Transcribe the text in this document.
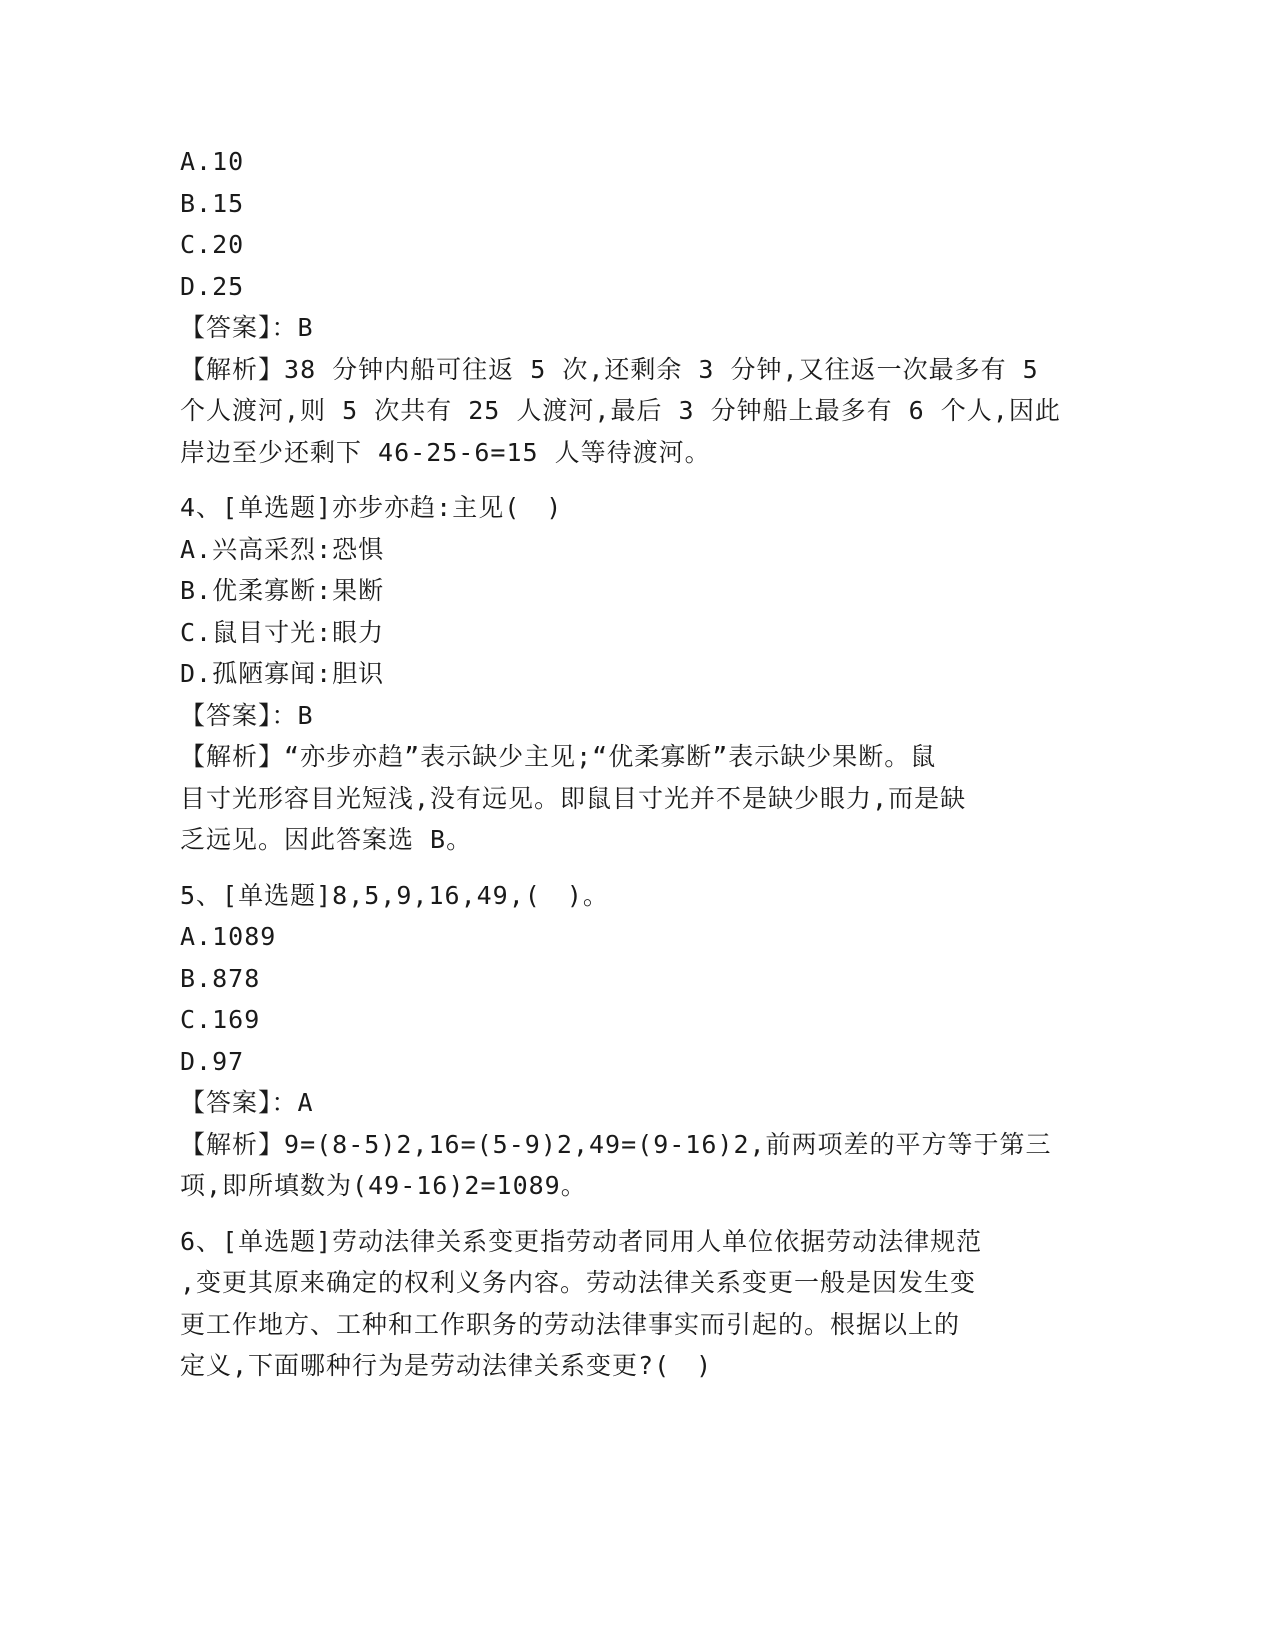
A.10
B.15
C.20
D.25
【答案】：B
【解析】38 分钟内船可往返 5 次,还剩余 3 分钟,又往返一次最多有 5
个人渡河,则 5 次共有 25 人渡河,最后 3 分钟船上最多有 6 个人,因此
岸边至少还剩下 46-25-6=15 人等待渡河。
4、[单选题]亦步亦趋:主见(　)
A.兴高采烈:恐惧
B.优柔寡断:果断
C.鼠目寸光:眼力
D.孤陋寡闻:胆识
【答案】：B
【解析】“亦步亦趋”表示缺少主见;“优柔寡断”表示缺少果断。鼠
目寸光形容目光短浅,没有远见。即鼠目寸光并不是缺少眼力,而是缺
乏远见。因此答案选 B。
5、[单选题]8,5,9,16,49,(　)。
A.1089
B.878
C.169
D.97
【答案】：A
【解析】9=(8-5)2,16=(5-9)2,49=(9-16)2,前两项差的平方等于第三
项,即所填数为(49-16)2=1089。
6、[单选题]劳动法律关系变更指劳动者同用人单位依据劳动法律规范
,变更其原来确定的权利义务内容。劳动法律关系变更一般是因发生变
更工作地方、工种和工作职务的劳动法律事实而引起的。根据以上的
定义,下面哪种行为是劳动法律关系变更?(　)
